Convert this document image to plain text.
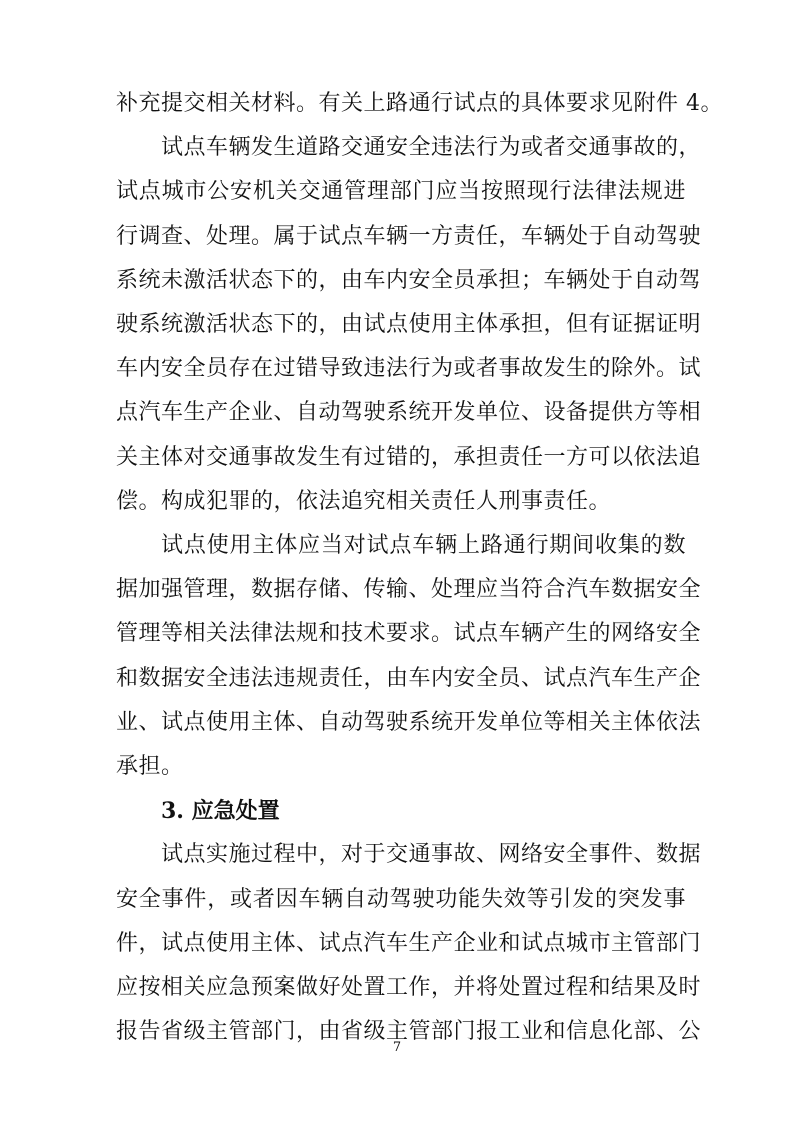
补充提交相关材料。有关上路通行试点的具体要求见附件 4。
试点车辆发生道路交通安全违法行为或者交通事故的，
试点城市公安机关交通管理部门应当按照现行法律法规进
行调查、处理。属于试点车辆一方责任，车辆处于自动驾驶
系统未激活状态下的，由车内安全员承担；车辆处于自动驾
驶系统激活状态下的，由试点使用主体承担，但有证据证明
车内安全员存在过错导致违法行为或者事故发生的除外。试
点汽车生产企业、自动驾驶系统开发单位、设备提供方等相
关主体对交通事故发生有过错的，承担责任一方可以依法追
偿。构成犯罪的，依法追究相关责任人刑事责任。
试点使用主体应当对试点车辆上路通行期间收集的数
据加强管理，数据存储、传输、处理应当符合汽车数据安全
管理等相关法律法规和技术要求。试点车辆产生的网络安全
和数据安全违法违规责任，由车内安全员、试点汽车生产企
业、试点使用主体、自动驾驶系统开发单位等相关主体依法
承担。
3. 应急处置
试点实施过程中，对于交通事故、网络安全事件、数据
安全事件，或者因车辆自动驾驶功能失效等引发的突发事
件，试点使用主体、试点汽车生产企业和试点城市主管部门
应按相关应急预案做好处置工作，并将处置过程和结果及时
报告省级主管部门，由省级主管部门报工业和信息化部、公
7
